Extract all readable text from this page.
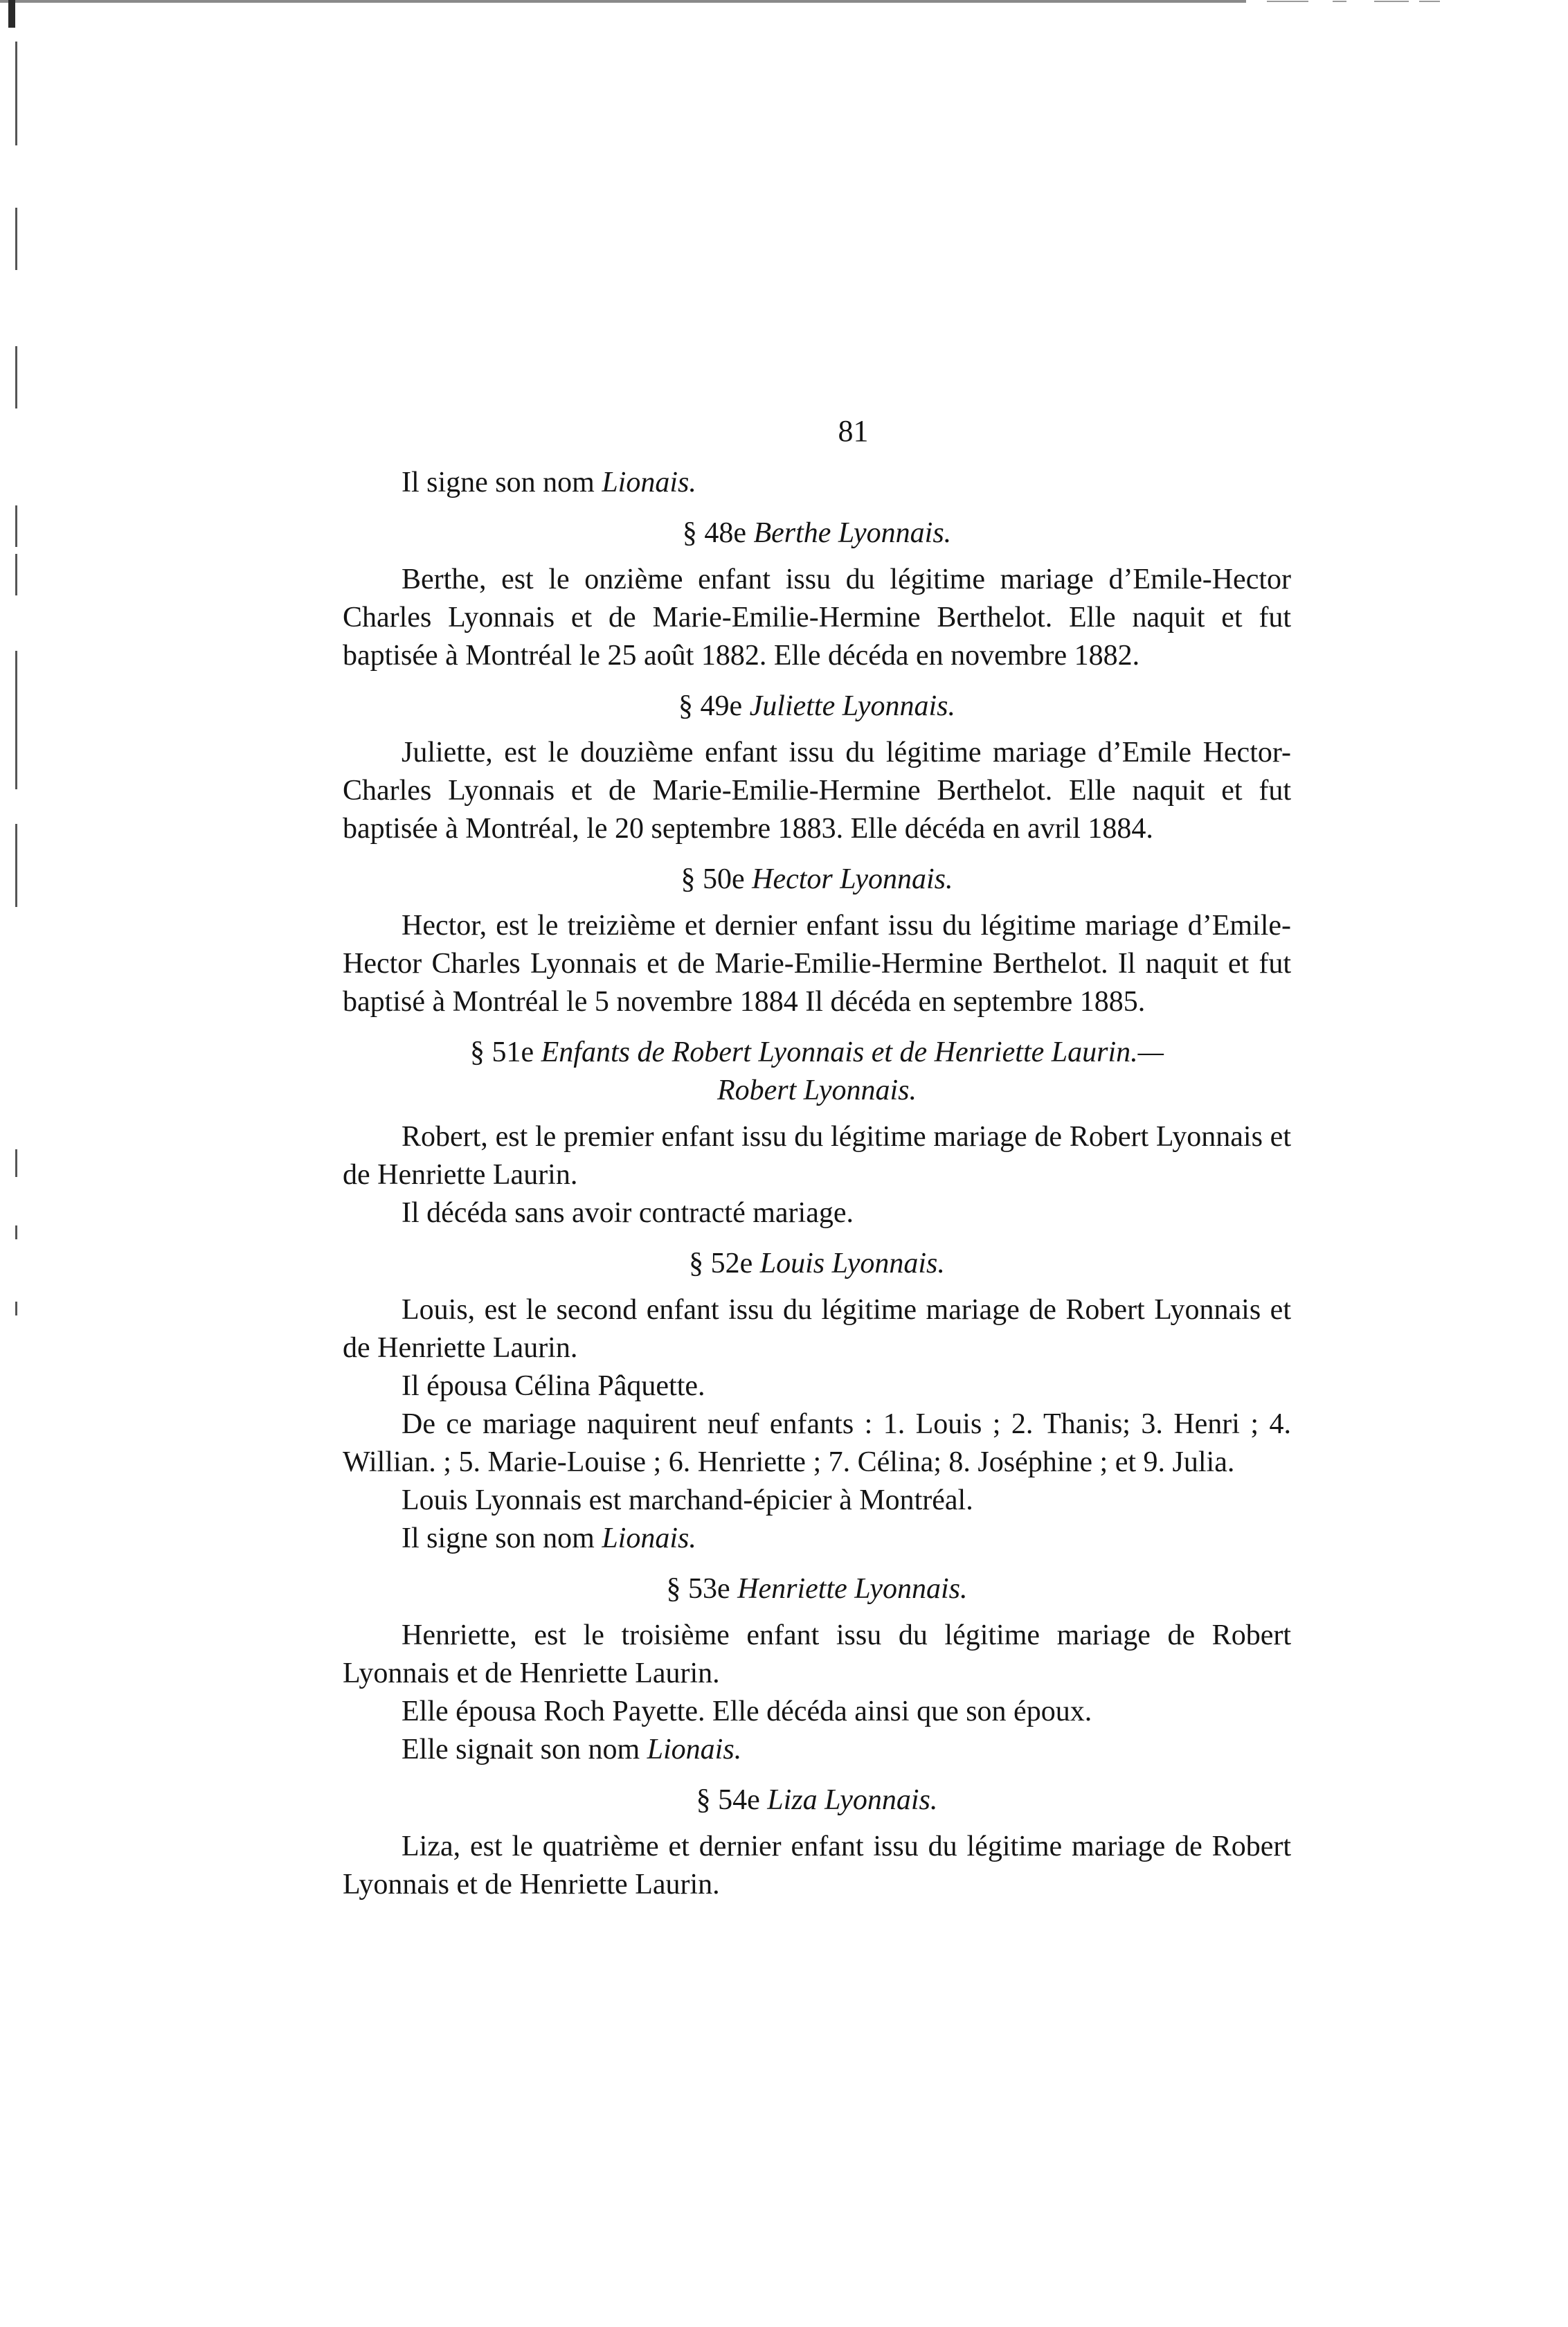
81

Il signe son nom Lionais.

§ 48e Berthe Lyonnais.

Berthe, est le onzième enfant issu du légitime mariage d’Emile-Hector Charles Lyonnais et de Marie-Emilie-Hermine Berthelot. Elle naquit et fut baptisée à Montréal le 25 août 1882. Elle décéda en novembre 1882.

§ 49e Juliette Lyonnais.

Juliette, est le douzième enfant issu du légitime mariage d’Emile Hector-Charles Lyonnais et de Marie-Emilie-Hermine Berthelot. Elle naquit et fut baptisée à Montréal, le 20 septembre 1883. Elle décéda en avril 1884.

§ 50e Hector Lyonnais.

Hector, est le treizième et dernier enfant issu du légitime mariage d’Emile-Hector Charles Lyonnais et de Marie-Emilie-Hermine Berthelot. Il naquit et fut baptisé à Montréal le 5 novembre 1884 Il décéda en septembre 1885.

§ 51e Enfants de Robert Lyonnais et de Henriette Laurin.—
Robert Lyonnais.

Robert, est le premier enfant issu du légitime mariage de Robert Lyonnais et de Henriette Laurin.

Il décéda sans avoir contracté mariage.

§ 52e Louis Lyonnais.

Louis, est le second enfant issu du légitime mariage de Robert Lyonnais et de Henriette Laurin.

Il épousa Célina Pâquette.

De ce mariage naquirent neuf enfants : 1. Louis ; 2. Thanis; 3. Henri ; 4. Willian. ; 5. Marie-Louise ; 6. Henriette ; 7. Célina; 8. Joséphine ; et 9. Julia.

Louis Lyonnais est marchand-épicier à Montréal.

Il signe son nom Lionais.

§ 53e Henriette Lyonnais.

Henriette, est le troisième enfant issu du légitime mariage de Robert Lyonnais et de Henriette Laurin.

Elle épousa Roch Payette. Elle décéda ainsi que son époux.

Elle signait son nom Lionais.

§ 54e Liza Lyonnais.

Liza, est le quatrième et dernier enfant issu du légitime mariage de Robert Lyonnais et de Henriette Laurin.
